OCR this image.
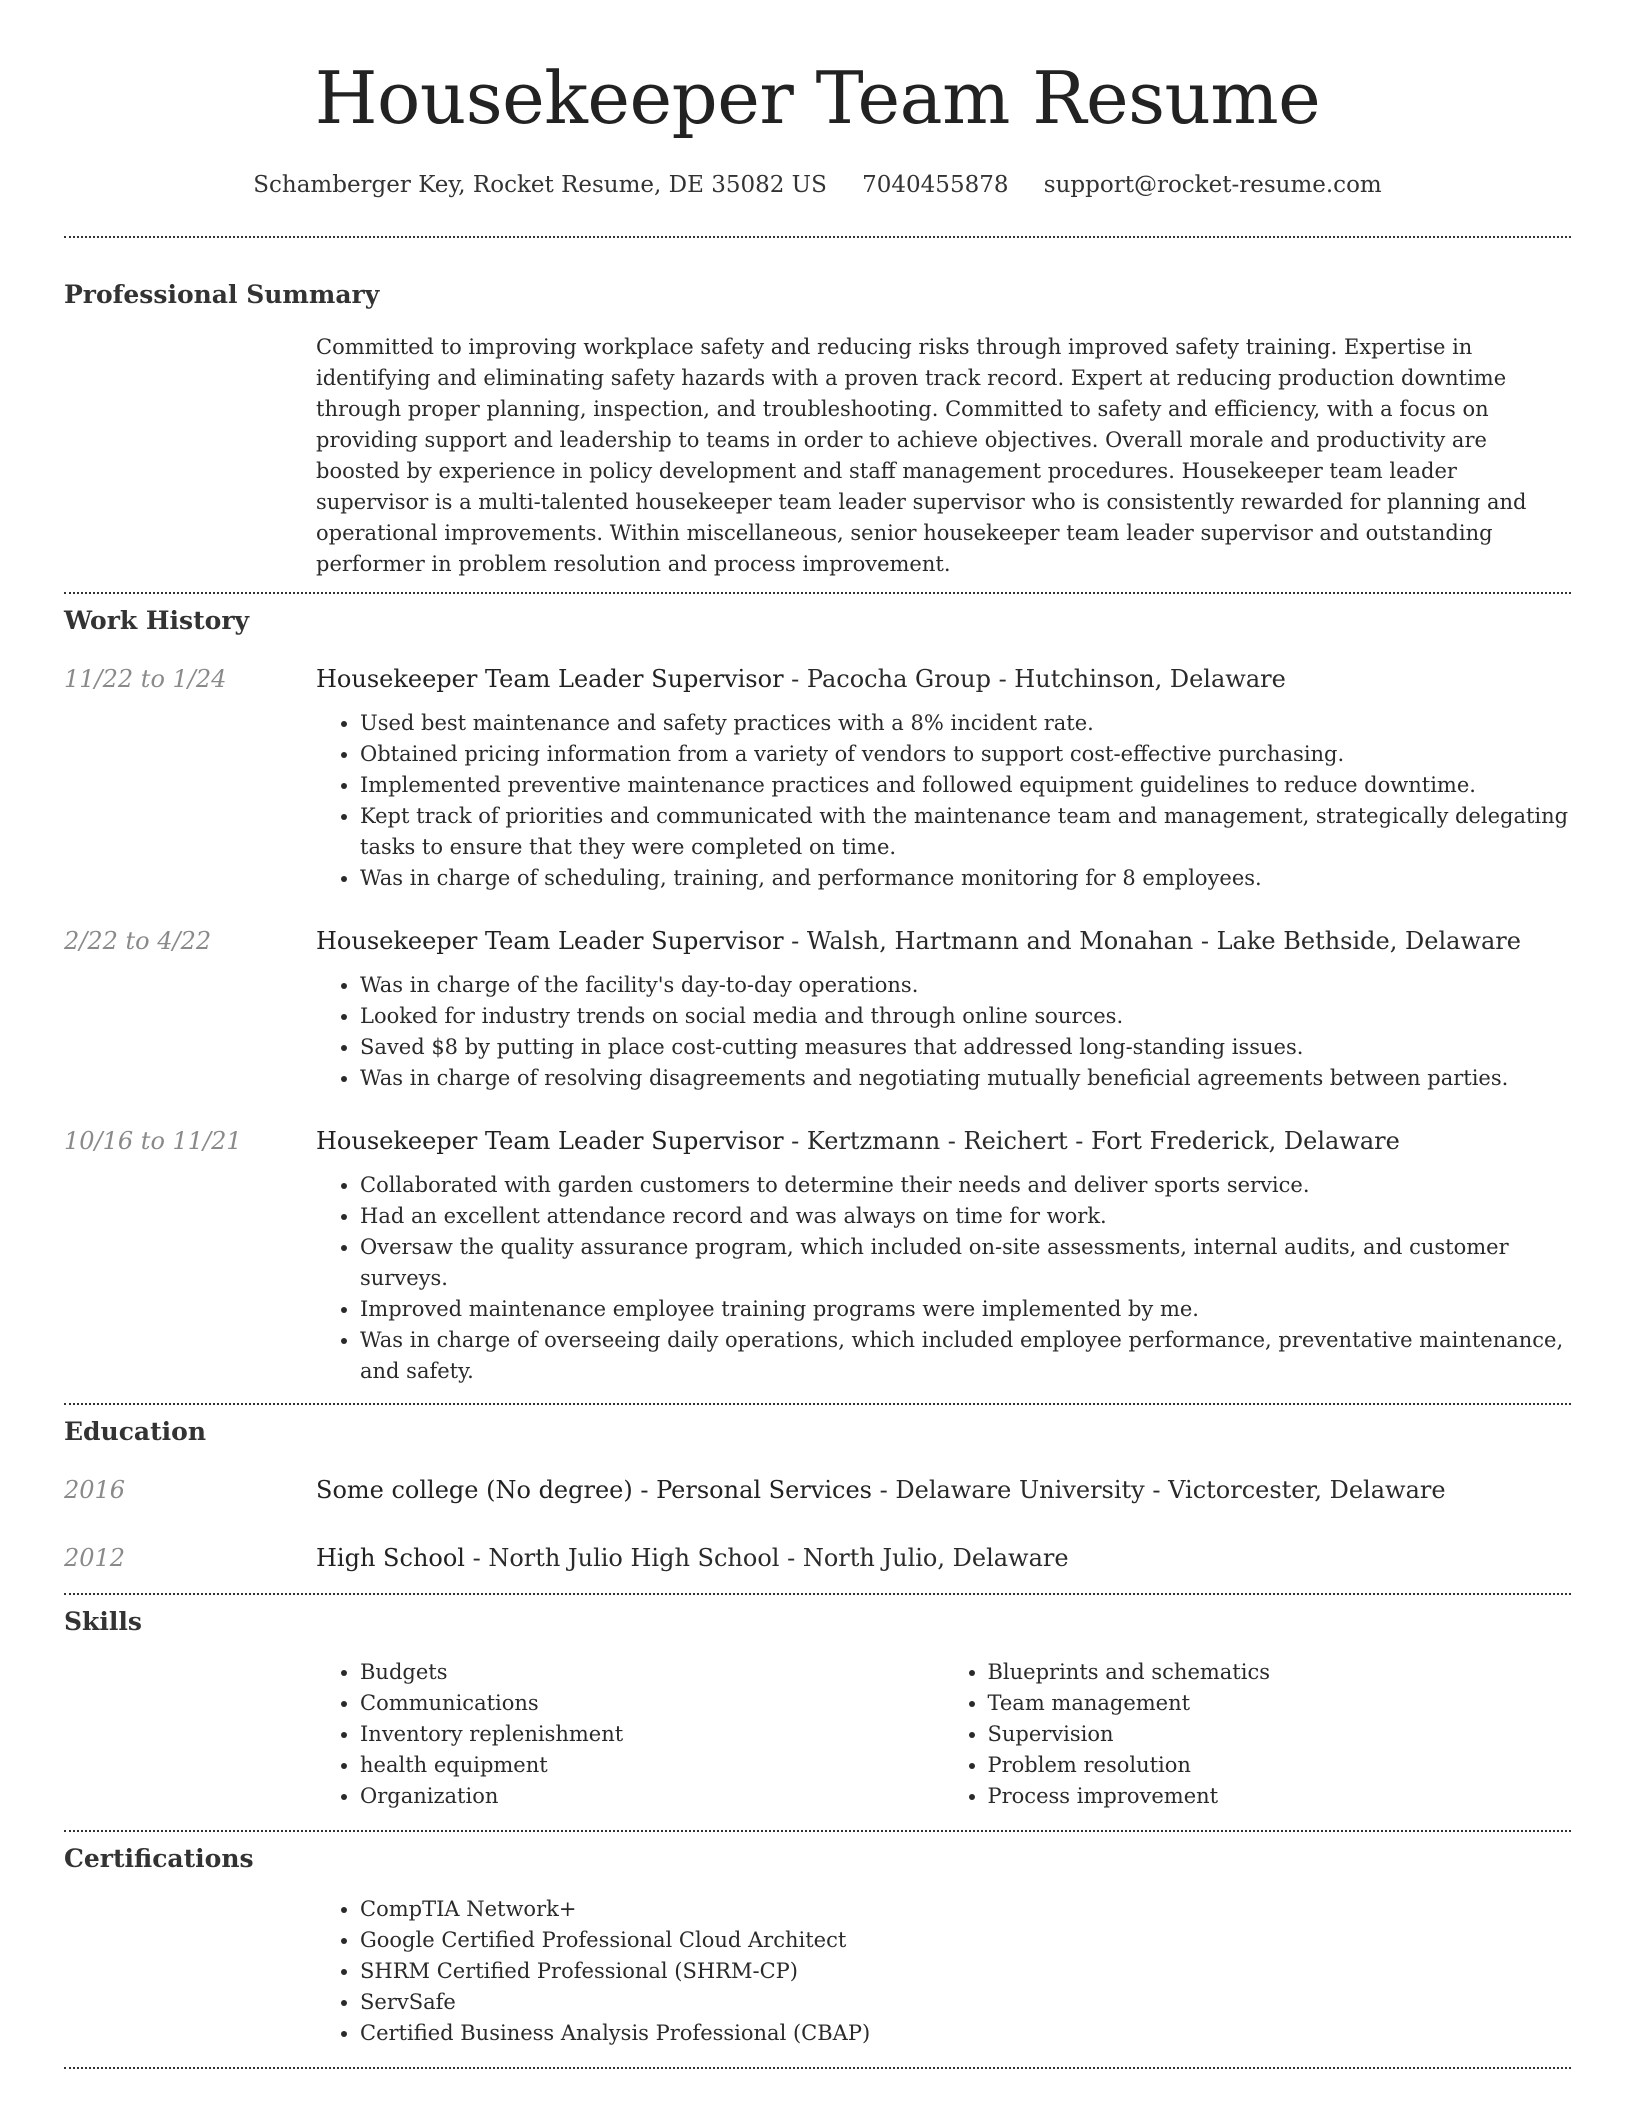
Housekeeper Team Resume
Schamberger Key, Rocket Resume, DE 35082 US 7040455878 support@rocket-resume.com
Professional Summary

Committed to improving workplace safety and reducing risks through improved safety training. Expertise in identifying and eliminating safety hazards with a proven track record. Expert at reducing production downtime through proper planning, inspection, and troubleshooting. Committed to safety and efficiency, with a focus on providing support and leadership to teams in order to achieve objectives. Overall morale and productivity are boosted by experience in policy development and staff management procedures. Housekeeper team leader supervisor is a multi-talented housekeeper team leader supervisor who is consistently rewarded for planning and operational improvements. Within miscellaneous, senior housekeeper team leader supervisor and outstanding performer in problem resolution and process improvement.

Work History
11/22 to 1/24	Housekeeper Team Leader Supervisor - Pacocha Group - Hutchinson, Delaware
• Used best maintenance and safety practices with a 8% incident rate.
• Obtained pricing information from a variety of vendors to support cost-effective purchasing.
• Implemented preventive maintenance practices and followed equipment guidelines to reduce downtime.
• Kept track of priorities and communicated with the maintenance team and management, strategically delegating tasks to ensure that they were completed on time.
• Was in charge of scheduling, training, and performance monitoring for 8 employees.
2/22 to 4/22	Housekeeper Team Leader Supervisor - Walsh, Hartmann and Monahan - Lake Bethside, Delaware
• Was in charge of the facility's day-to-day operations.
• Looked for industry trends on social media and through online sources.
• Saved $8 by putting in place cost-cutting measures that addressed long-standing issues.
• Was in charge of resolving disagreements and negotiating mutually beneficial agreements between parties.
10/16 to 11/21	Housekeeper Team Leader Supervisor - Kertzmann - Reichert - Fort Frederick, Delaware
• Collaborated with garden customers to determine their needs and deliver sports service.
• Had an excellent attendance record and was always on time for work.
• Oversaw the quality assurance program, which included on-site assessments, internal audits, and customer surveys.
• Improved maintenance employee training programs were implemented by me.
• Was in charge of overseeing daily operations, which included employee performance, preventative maintenance, and safety.
Education
2016	Some college (No degree) - Personal Services - Delaware University - Victorcester, Delaware
2012	High School - North Julio High School - North Julio, Delaware
Skills
• Budgets
• Communications
• Inventory replenishment
• health equipment
• Organization
• Blueprints and schematics
• Team management
• Supervision
• Problem resolution
• Process improvement
Certifications
• CompTIA Network+
• Google Certified Professional Cloud Architect
• SHRM Certified Professional (SHRM-CP)
• ServSafe
• Certified Business Analysis Professional (CBAP)
